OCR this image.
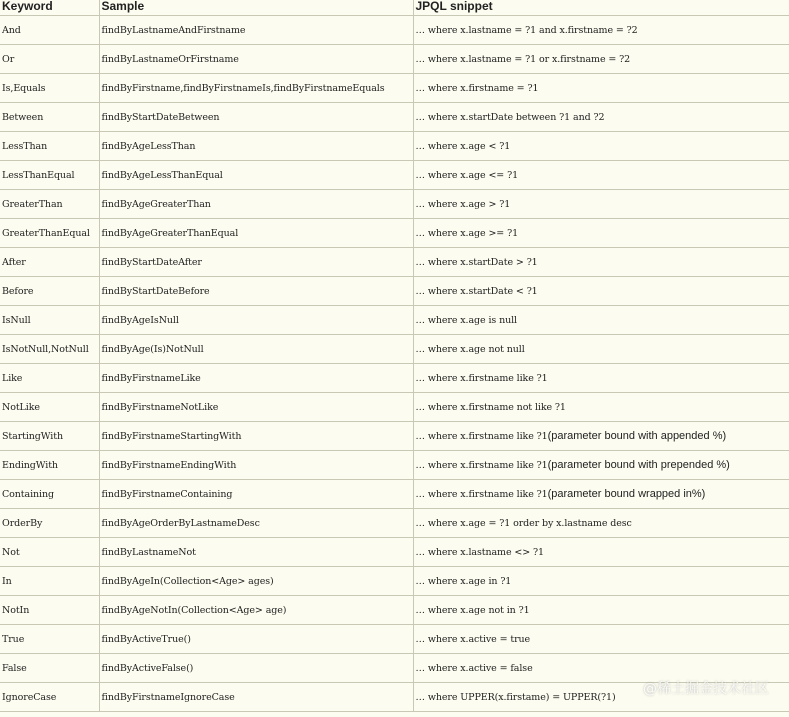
Keyword	Sample	JPQL snippet
And	findByLastnameAndFirstname	… where x.lastname = ?1 and x.firstname = ?2
Or	findByLastnameOrFirstname	… where x.lastname = ?1 or x.firstname = ?2
Is,Equals	findByFirstname,findByFirstnameIs,findByFirstnameEquals	… where x.firstname = ?1
Between	findByStartDateBetween	… where x.startDate between ?1 and ?2
LessThan	findByAgeLessThan	… where x.age < ?1
LessThanEqual	findByAgeLessThanEqual	… where x.age <= ?1
GreaterThan	findByAgeGreaterThan	… where x.age > ?1
GreaterThanEqual	findByAgeGreaterThanEqual	… where x.age >= ?1
After	findByStartDateAfter	… where x.startDate > ?1
Before	findByStartDateBefore	… where x.startDate < ?1
IsNull	findByAgeIsNull	… where x.age is null
IsNotNull,NotNull	findByAge(Is)NotNull	… where x.age not null
Like	findByFirstnameLike	… where x.firstname like ?1
NotLike	findByFirstnameNotLike	… where x.firstname not like ?1
StartingWith	findByFirstnameStartingWith	… where x.firstname like ?1(parameter bound with appended %)
EndingWith	findByFirstnameEndingWith	… where x.firstname like ?1(parameter bound with prepended %)
Containing	findByFirstnameContaining	… where x.firstname like ?1(parameter bound wrapped in%)
OrderBy	findByAgeOrderByLastnameDesc	… where x.age = ?1 order by x.lastname desc
Not	findByLastnameNot	… where x.lastname <> ?1
In	findByAgeIn(Collection<Age> ages)	… where x.age in ?1
NotIn	findByAgeNotIn(Collection<Age> age)	… where x.age not in ?1
True	findByActiveTrue()	… where x.active = true
False	findByActiveFalse()	… where x.active = false
IgnoreCase	findByFirstnameIgnoreCase	… where UPPER(x.firstame) = UPPER(?1) @稀土掘金技术社区
